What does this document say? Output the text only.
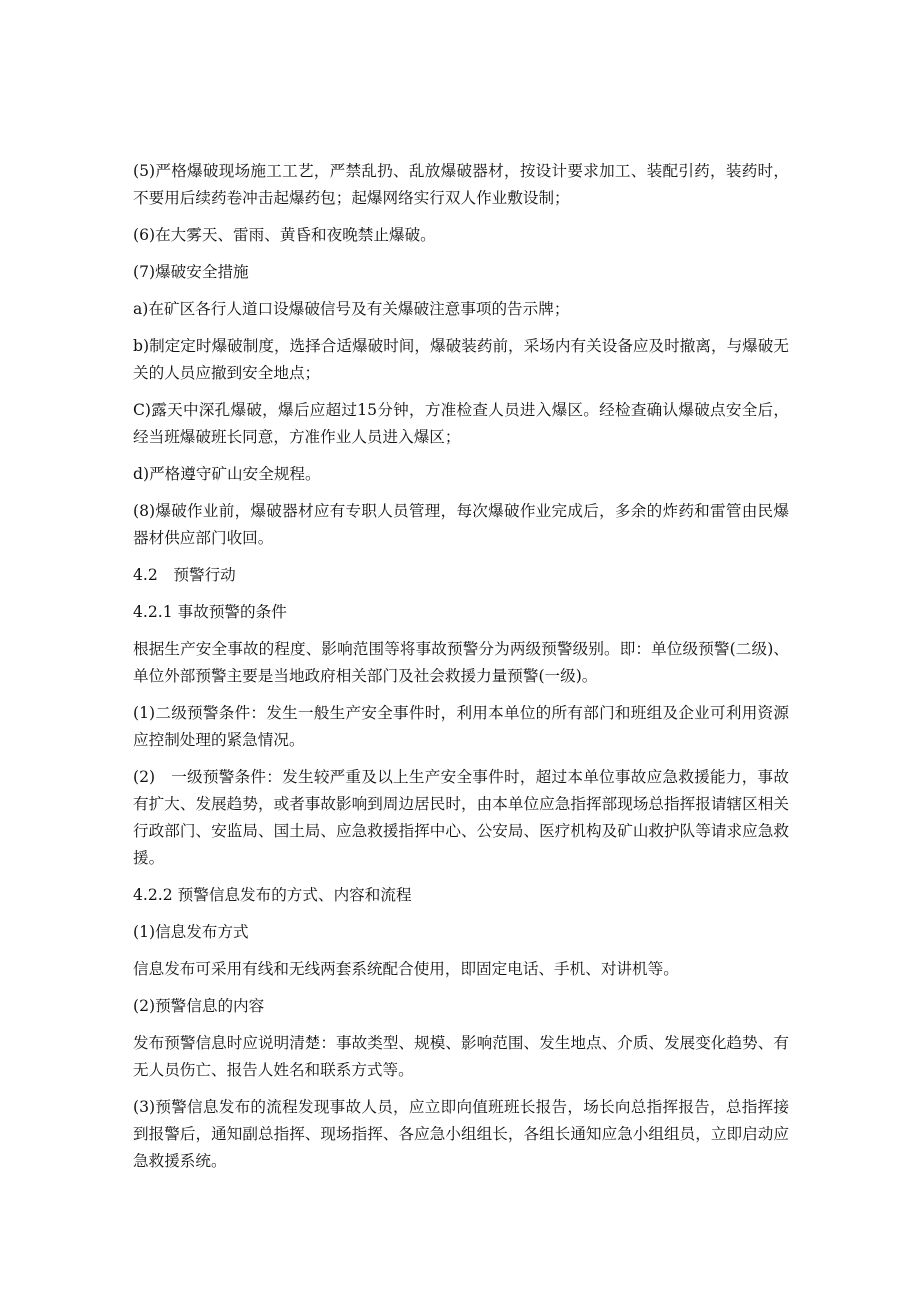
(5)严格爆破现场施工工艺，严禁乱扔、乱放爆破器材，按设计要求加工、装配引药，装药时，不要用后续药卷冲击起爆药包；起爆网络实行双人作业敷设制；

(6)在大雾天、雷雨、黄昏和夜晚禁止爆破。

(7)爆破安全措施

a)在矿区各行人道口设爆破信号及有关爆破注意事项的告示牌；

b)制定定时爆破制度，选择合适爆破时间，爆破装药前，采场内有关设备应及时撤离，与爆破无关的人员应撤到安全地点；

C)露天中深孔爆破，爆后应超过15分钟，方准检查人员进入爆区。经检查确认爆破点安全后，经当班爆破班长同意，方准作业人员进入爆区；

d)严格遵守矿山安全规程。

(8)爆破作业前，爆破器材应有专职人员管理，每次爆破作业完成后，多余的炸药和雷管由民爆器材供应部门收回。

4.2　预警行动

4.2.1 事故预警的条件

根据生产安全事故的程度、影响范围等将事故预警分为两级预警级别。即：单位级预警(二级)、单位外部预警主要是当地政府相关部门及社会救援力量预警(一级)。

(1)二级预警条件：发生一般生产安全事件时，利用本单位的所有部门和班组及企业可利用资源应控制处理的紧急情况。

(2)　一级预警条件：发生较严重及以上生产安全事件时，超过本单位事故应急救援能力，事故有扩大、发展趋势，或者事故影响到周边居民时，由本单位应急指挥部现场总指挥报请辖区相关行政部门、安监局、国土局、应急救援指挥中心、公安局、医疗机构及矿山救护队等请求应急救援。

4.2.2 预警信息发布的方式、内容和流程

(1)信息发布方式

信息发布可采用有线和无线两套系统配合使用，即固定电话、手机、对讲机等。

(2)预警信息的内容

发布预警信息时应说明清楚：事故类型、规模、影响范围、发生地点、介质、发展变化趋势、有无人员伤亡、报告人姓名和联系方式等。

(3)预警信息发布的流程发现事故人员，应立即向值班班长报告，场长向总指挥报告，总指挥接到报警后，通知副总指挥、现场指挥、各应急小组组长，各组长通知应急小组组员，立即启动应急救援系统。
